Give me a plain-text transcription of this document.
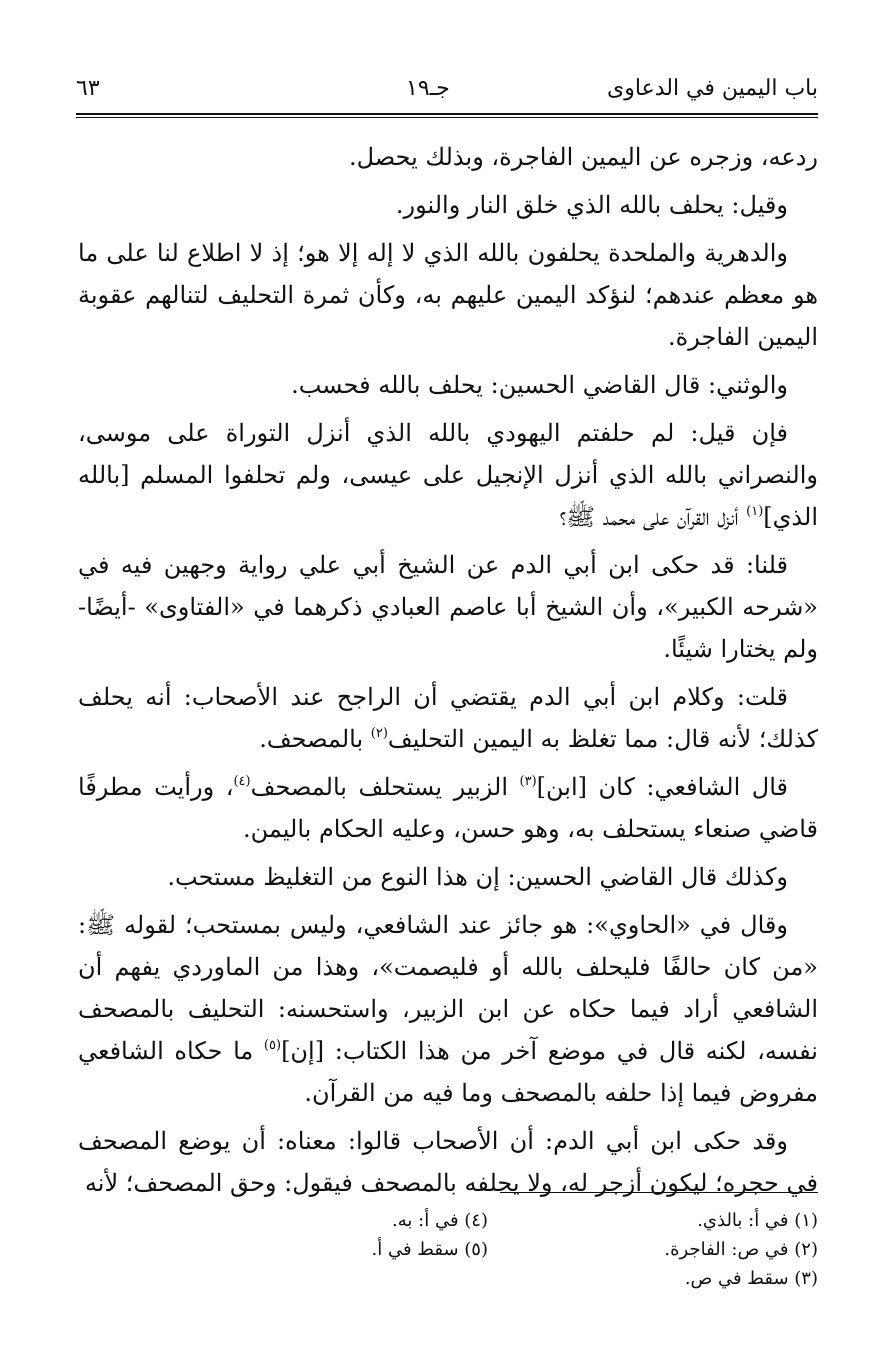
باب اليمين في الدعاوى
جـ١٩
٦٣

ردعه، وزجره عن اليمين الفاجرة، وبذلك يحصل.

وقيل: يحلف بالله الذي خلق النار والنور.

والدهرية والملحدة يحلفون بالله الذي لا إله إلا هو؛ إذ لا اطلاع لنا على ما هو معظم عندهم؛ لنؤكد اليمين عليهم به، وكأن ثمرة التحليف لتنالهم عقوبة اليمين الفاجرة.

والوثني: قال القاضي الحسين: يحلف بالله فحسب.

فإن قيل: لم حلفتم اليهودي بالله الذي أنزل التوراة على موسى، والنصراني بالله الذي أنزل الإنجيل على عيسى، ولم تحلفوا المسلم [بالله الذي]$^{(١)}$ أنزل القرآن على محمد ﷺ؟

قلنا: قد حكى ابن أبي الدم عن الشيخ أبي علي رواية وجهين فيه في «شرحه الكبير»، وأن الشيخ أبا عاصم العبادي ذكرهما في «الفتاوى» -أيضًا- ولم يختارا شيئًا.

قلت: وكلام ابن أبي الدم يقتضي أن الراجح عند الأصحاب: أنه يحلف كذلك؛ لأنه قال: مما تغلظ به اليمين التحليف$^{(٢)}$ بالمصحف.

قال الشافعي: كان [ابن]$^{(٣)}$ الزبير يستحلف بالمصحف$^{(٤)}$، ورأيت مطرفًا قاضي صنعاء يستحلف به، وهو حسن، وعليه الحكام باليمن.

وكذلك قال القاضي الحسين: إن هذا النوع من التغليظ مستحب.

وقال في «الحاوي»: هو جائز عند الشافعي، وليس بمستحب؛ لقوله ﷺ: «من كان حالفًا فليحلف بالله أو فليصمت»، وهذا من الماوردي يفهم أن الشافعي أراد فيما حكاه عن ابن الزبير، واستحسنه: التحليف بالمصحف نفسه، لكنه قال في موضع آخر من هذا الكتاب: [إن]$^{(٥)}$ ما حكاه الشافعي مفروض فيما إذا حلفه بالمصحف وما فيه من القرآن.

وقد حكى ابن أبي الدم: أن الأصحاب قالوا: معناه: أن يوضع المصحف في حجره؛ ليكون أزجر له، ولا يحلفه بالمصحف فيقول: وحق المصحف؛ لأنه

(١) في أ: بالذي.
(٢) في ص: الفاجرة.
(٣) سقط في ص.
(٤) في أ: به.
(٥) سقط في أ.
